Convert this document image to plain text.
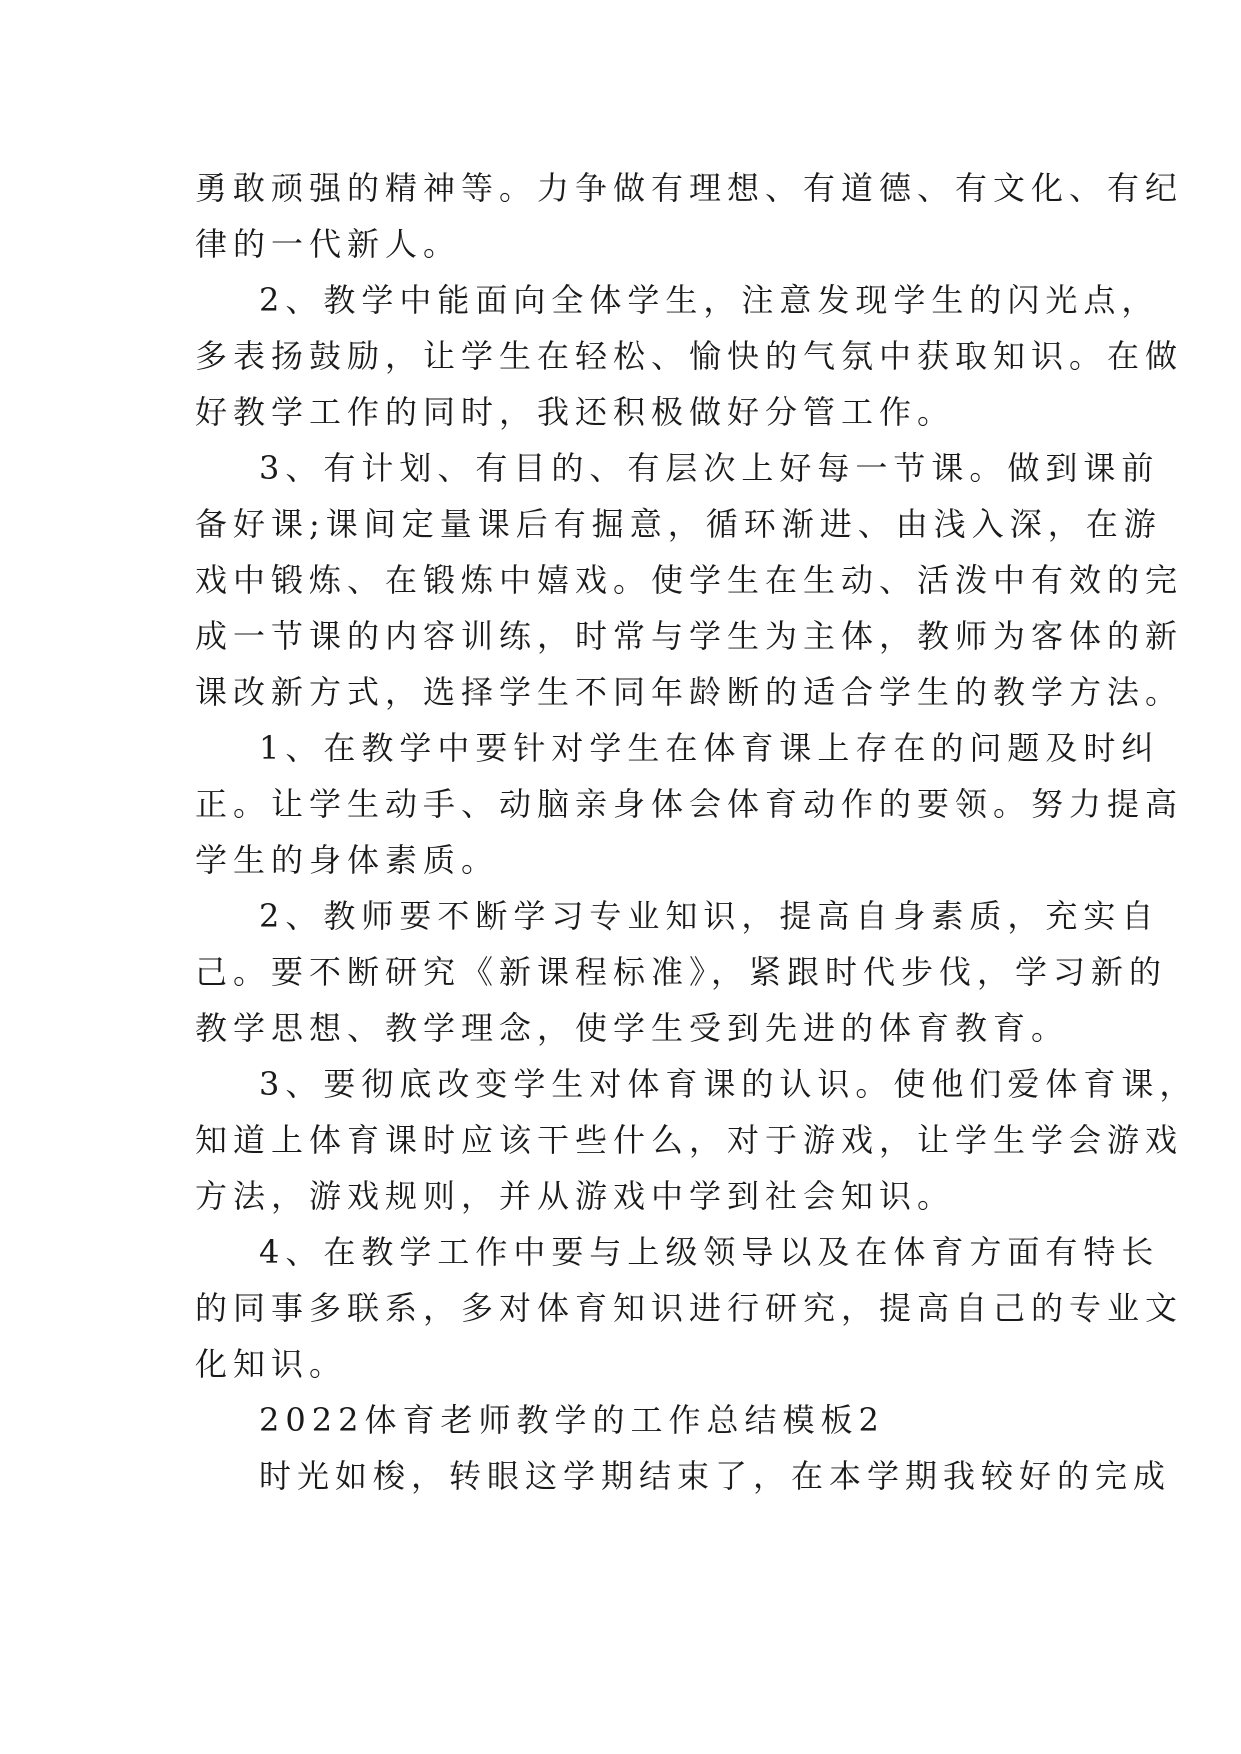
勇敢顽强的精神等。力争做有理想、有道德、有文化、有纪
律的一代新人。
2、教学中能面向全体学生，注意发现学生的闪光点，
多表扬鼓励，让学生在轻松、愉快的气氛中获取知识。在做
好教学工作的同时，我还积极做好分管工作。
3、有计划、有目的、有层次上好每一节课。做到课前
备好课;课间定量课后有掘意，循环渐进、由浅入深，在游
戏中锻炼、在锻炼中嬉戏。使学生在生动、活泼中有效的完
成一节课的内容训练，时常与学生为主体，教师为客体的新
课改新方式，选择学生不同年龄断的适合学生的教学方法。
1、在教学中要针对学生在体育课上存在的问题及时纠
正。让学生动手、动脑亲身体会体育动作的要领。努力提高
学生的身体素质。
2、教师要不断学习专业知识，提高自身素质，充实自
己。要不断研究《新课程标准》，紧跟时代步伐，学习新的
教学思想、教学理念，使学生受到先进的体育教育。
3、要彻底改变学生对体育课的认识。使他们爱体育课，
知道上体育课时应该干些什么，对于游戏，让学生学会游戏
方法，游戏规则，并从游戏中学到社会知识。
4、在教学工作中要与上级领导以及在体育方面有特长
的同事多联系，多对体育知识进行研究，提高自己的专业文
化知识。
2022体育老师教学的工作总结模板2
时光如梭，转眼这学期结束了，在本学期我较好的完成
